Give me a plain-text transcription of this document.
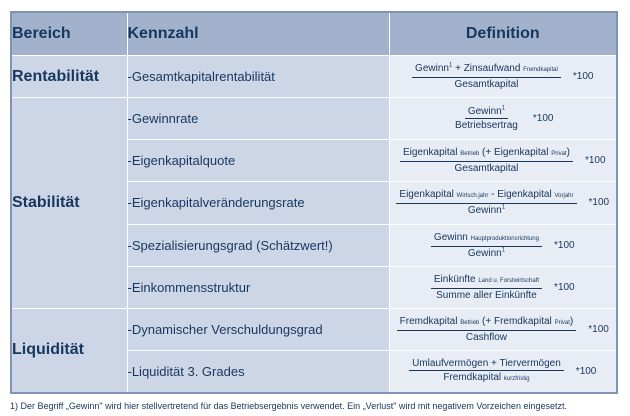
Bereich	Kennzahl	Definition
Rentabilität	-Gesamtkapitalrentabilität	$\frac{Gewinn^1 + Zinsaufwand Fremdkapital}{\text{Gesamtkapital}} *100$

Stabilität	-Gewinnrate	$\frac{Gewinn^1}{\text{Betriebsertrag}} *100$

	-Eigenkapitalquote	$\frac{\text{Eigenkapital Betrieb (+ Eigenkapital Privat)}}{\text{Gesamtkapital}} *100$

	-Eigenkapitalveränderungsrate	$\frac{\text{Eigenkapital Wirtsch.jahr - Eigenkapital Vorjahr}}{Gewinn^1} *100$

	-Spezialisierungsgrad (Schätzwert!)	$\frac{\text{Gewinn Hauptproduktionsrichtung}}{Gewinn^1} *100$

	-Einkommensstruktur	$\frac{\text{Einkünfte Land u. Forstwirtschaft}}{\text{Summe aller Einkünfte}} *100$

Liquidität	-Dynamischer Verschuldungsgrad	$\frac{\text{Fremdkapital Betrieb (+ Fremdkapital Privat)}}{\text{Cashflow}} *100$

	-Liquidität 3. Grades	$\frac{\text{Umlaufvermögen + Tiervermögen}}{\text{Fremdkapital kurzfristig}} *100$
1) Der Begriff „Gewinn" wird hier stellvertretend für das Betriebsergebnis verwendet. Ein „Verlust" wird mit negativem Vorzeichen eingesetzt.
